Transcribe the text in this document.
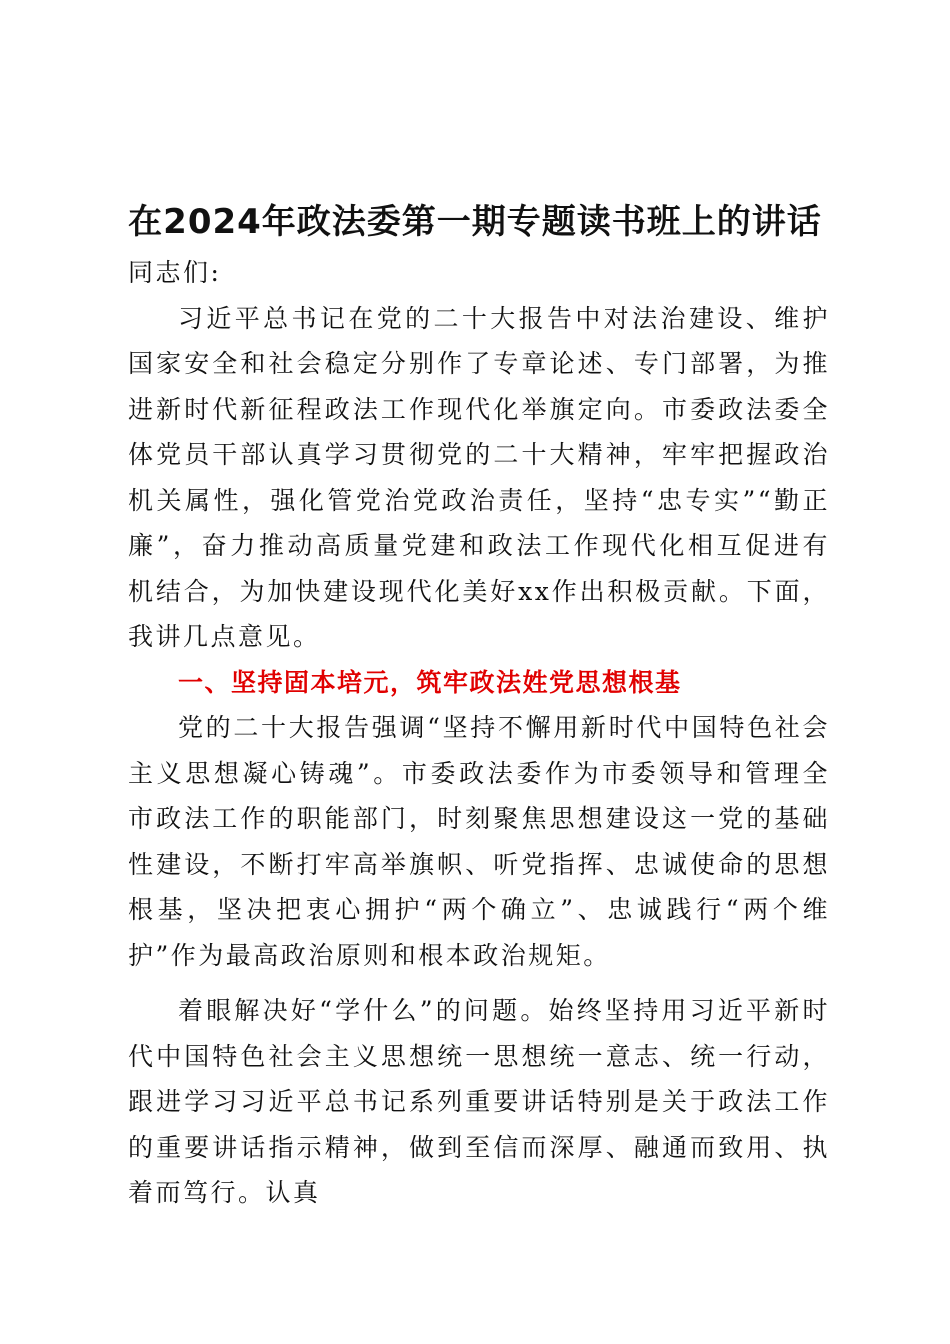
在2024年政法委第一期专题读书班上的讲话

同志们:

习近平总书记在党的二十大报告中对法治建设、维护国家安全和社会稳定分别作了专章论述、专门部署，为推进新时代新征程政法工作现代化举旗定向。市委政法委全体党员干部认真学习贯彻党的二十大精神，牢牢把握政治机关属性，强化管党治党政治责任，坚持“忠专实”“勤正廉”，奋力推动高质量党建和政法工作现代化相互促进有机结合，为加快建设现代化美好xx作出积极贡献。下面，我讲几点意见。

一、坚持固本培元，筑牢政法姓党思想根基

党的二十大报告强调“坚持不懈用新时代中国特色社会主义思想凝心铸魂”。市委政法委作为市委领导和管理全市政法工作的职能部门，时刻聚焦思想建设这一党的基础性建设，不断打牢高举旗帜、听党指挥、忠诚使命的思想根基，坚决把衷心拥护“两个确立”、忠诚践行“两个维护”作为最高政治原则和根本政治规矩。

着眼解决好“学什么”的问题。始终坚持用习近平新时代中国特色社会主义思想统一思想统一意志、统一行动，跟进学习习近平总书记系列重要讲话特别是关于政法工作的重要讲话指示精神，做到至信而深厚、融通而致用、执着而笃行。认真
